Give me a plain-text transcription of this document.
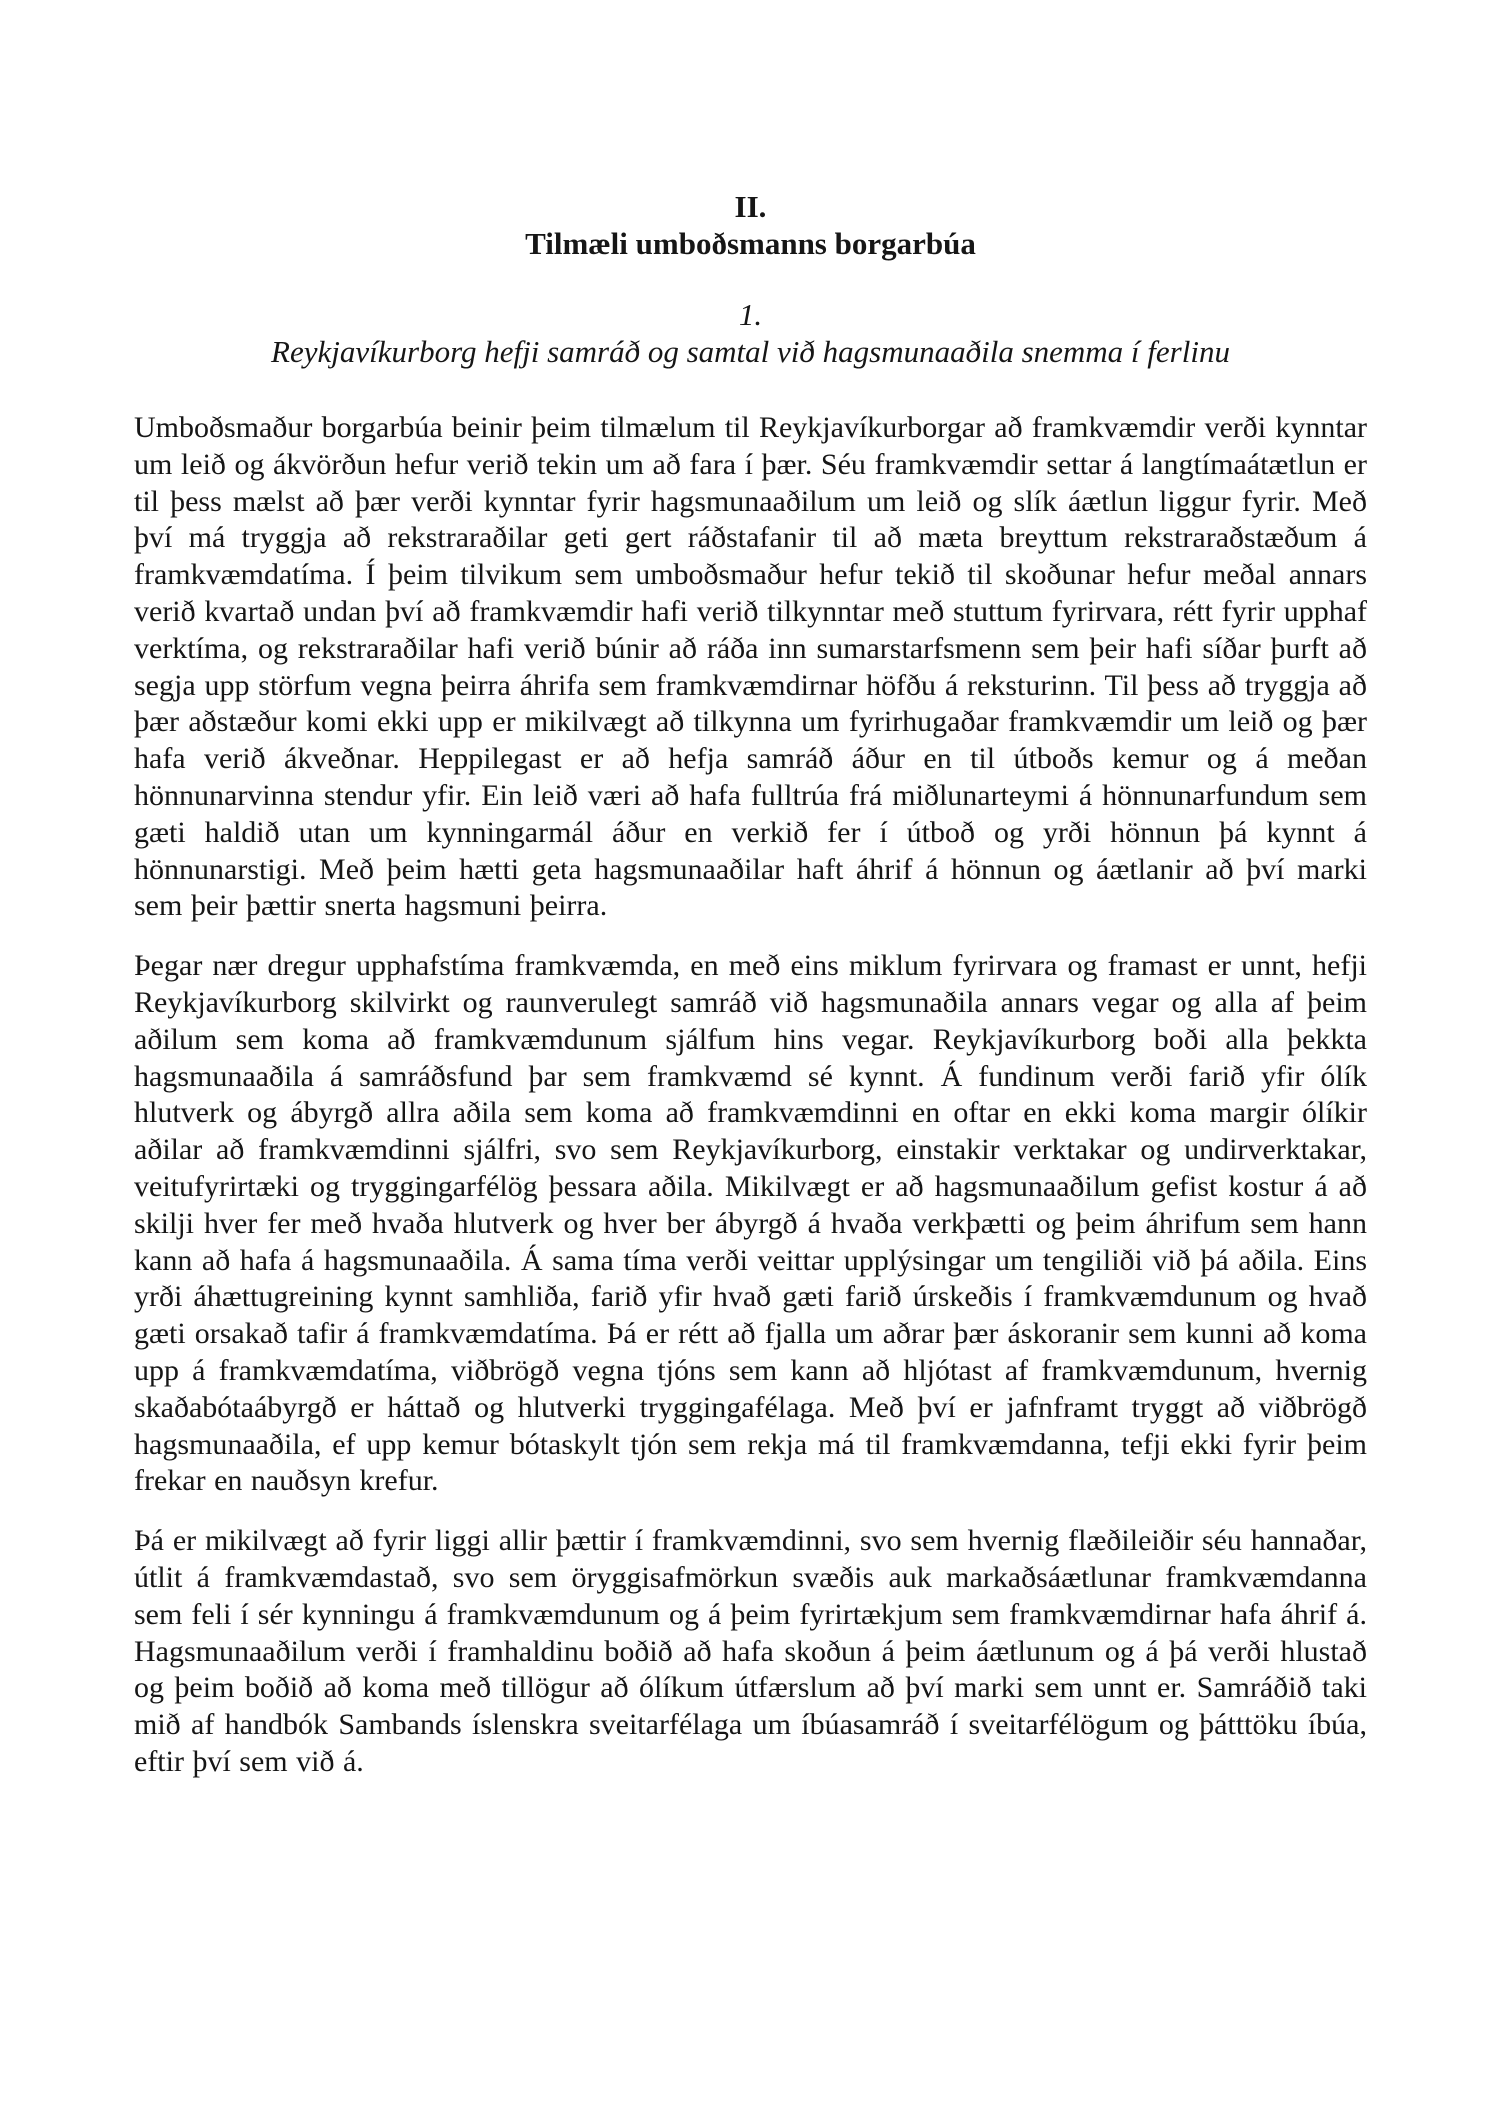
II.
Tilmæli umboðsmanns borgarbúa
1.
Reykjavíkurborg hefji samráð og samtal við hagsmunaaðila snemma í ferlinu

Umboðsmaður borgarbúa beinir þeim tilmælum til Reykjavíkurborgar að framkvæmdir verði kynntar um leið og ákvörðun hefur verið tekin um að fara í þær. Séu framkvæmdir settar á langtímaátætlun er til þess mælst að þær verði kynntar fyrir hagsmunaaðilum um leið og slík áætlun liggur fyrir. Með því má tryggja að rekstraraðilar geti gert ráðstafanir til að mæta breyttum rekstraraðstæðum á framkvæmdatíma. Í þeim tilvikum sem umboðsmaður hefur tekið til skoðunar hefur meðal annars verið kvartað undan því að framkvæmdir hafi verið tilkynntar með stuttum fyrirvara, rétt fyrir upphaf verktíma, og rekstraraðilar hafi verið búnir að ráða inn sumarstarfsmenn sem þeir hafi síðar þurft að segja upp störfum vegna þeirra áhrifa sem framkvæmdirnar höfðu á reksturinn. Til þess að tryggja að þær aðstæður komi ekki upp er mikilvægt að tilkynna um fyrirhugaðar framkvæmdir um leið og þær hafa verið ákveðnar. Heppilegast er að hefja samráð áður en til útboðs kemur og á meðan hönnunarvinna stendur yfir. Ein leið væri að hafa fulltrúa frá miðlunarteymi á hönnunarfundum sem gæti haldið utan um kynningarmál áður en verkið fer í útboð og yrði hönnun þá kynnt á hönnunarstigi. Með þeim hætti geta hagsmunaaðilar haft áhrif á hönnun og áætlanir að því marki sem þeir þættir snerta hagsmuni þeirra.

Þegar nær dregur upphafstíma framkvæmda, en með eins miklum fyrirvara og framast er unnt, hefji Reykjavíkurborg skilvirkt og raunverulegt samráð við hagsmunaðila annars vegar og alla af þeim aðilum sem koma að framkvæmdunum sjálfum hins vegar. Reykjavíkurborg boði alla þekkta hagsmunaaðila á samráðsfund þar sem framkvæmd sé kynnt. Á fundinum verði farið yfir ólík hlutverk og ábyrgð allra aðila sem koma að framkvæmdinni en oftar en ekki koma margir ólíkir aðilar að framkvæmdinni sjálfri, svo sem Reykjavíkurborg, einstakir verktakar og undirverktakar, veitufyrirtæki og tryggingarfélög þessara aðila. Mikilvægt er að hagsmunaaðilum gefist kostur á að skilji hver fer með hvaða hlutverk og hver ber ábyrgð á hvaða verkþætti og þeim áhrifum sem hann kann að hafa á hagsmunaaðila. Á sama tíma verði veittar upplýsingar um tengiliði við þá aðila. Eins yrði áhættugreining kynnt samhliða, farið yfir hvað gæti farið úrskeðis í framkvæmdunum og hvað gæti orsakað tafir á framkvæmdatíma. Þá er rétt að fjalla um aðrar þær áskoranir sem kunni að koma upp á framkvæmdatíma, viðbrögð vegna tjóns sem kann að hljótast af framkvæmdunum, hvernig skaðabótaábyrgð er háttað og hlutverki tryggingafélaga. Með því er jafnframt tryggt að viðbrögð hagsmunaaðila, ef upp kemur bótaskylt tjón sem rekja má til framkvæmdanna, tefji ekki fyrir þeim frekar en nauðsyn krefur.

Þá er mikilvægt að fyrir liggi allir þættir í framkvæmdinni, svo sem hvernig flæðileiðir séu hannaðar, útlit á framkvæmdastað, svo sem öryggisafmörkun svæðis auk markaðsáætlunar framkvæmdanna sem feli í sér kynningu á framkvæmdunum og á þeim fyrirtækjum sem framkvæmdirnar hafa áhrif á. Hagsmunaaðilum verði í framhaldinu boðið að hafa skoðun á þeim áætlunum og á þá verði hlustað og þeim boðið að koma með tillögur að ólíkum útfærslum að því marki sem unnt er. Samráðið taki mið af handbók Sambands íslenskra sveitarfélaga um íbúasamráð í sveitarfélögum og þátttöku íbúa, eftir því sem við á.
